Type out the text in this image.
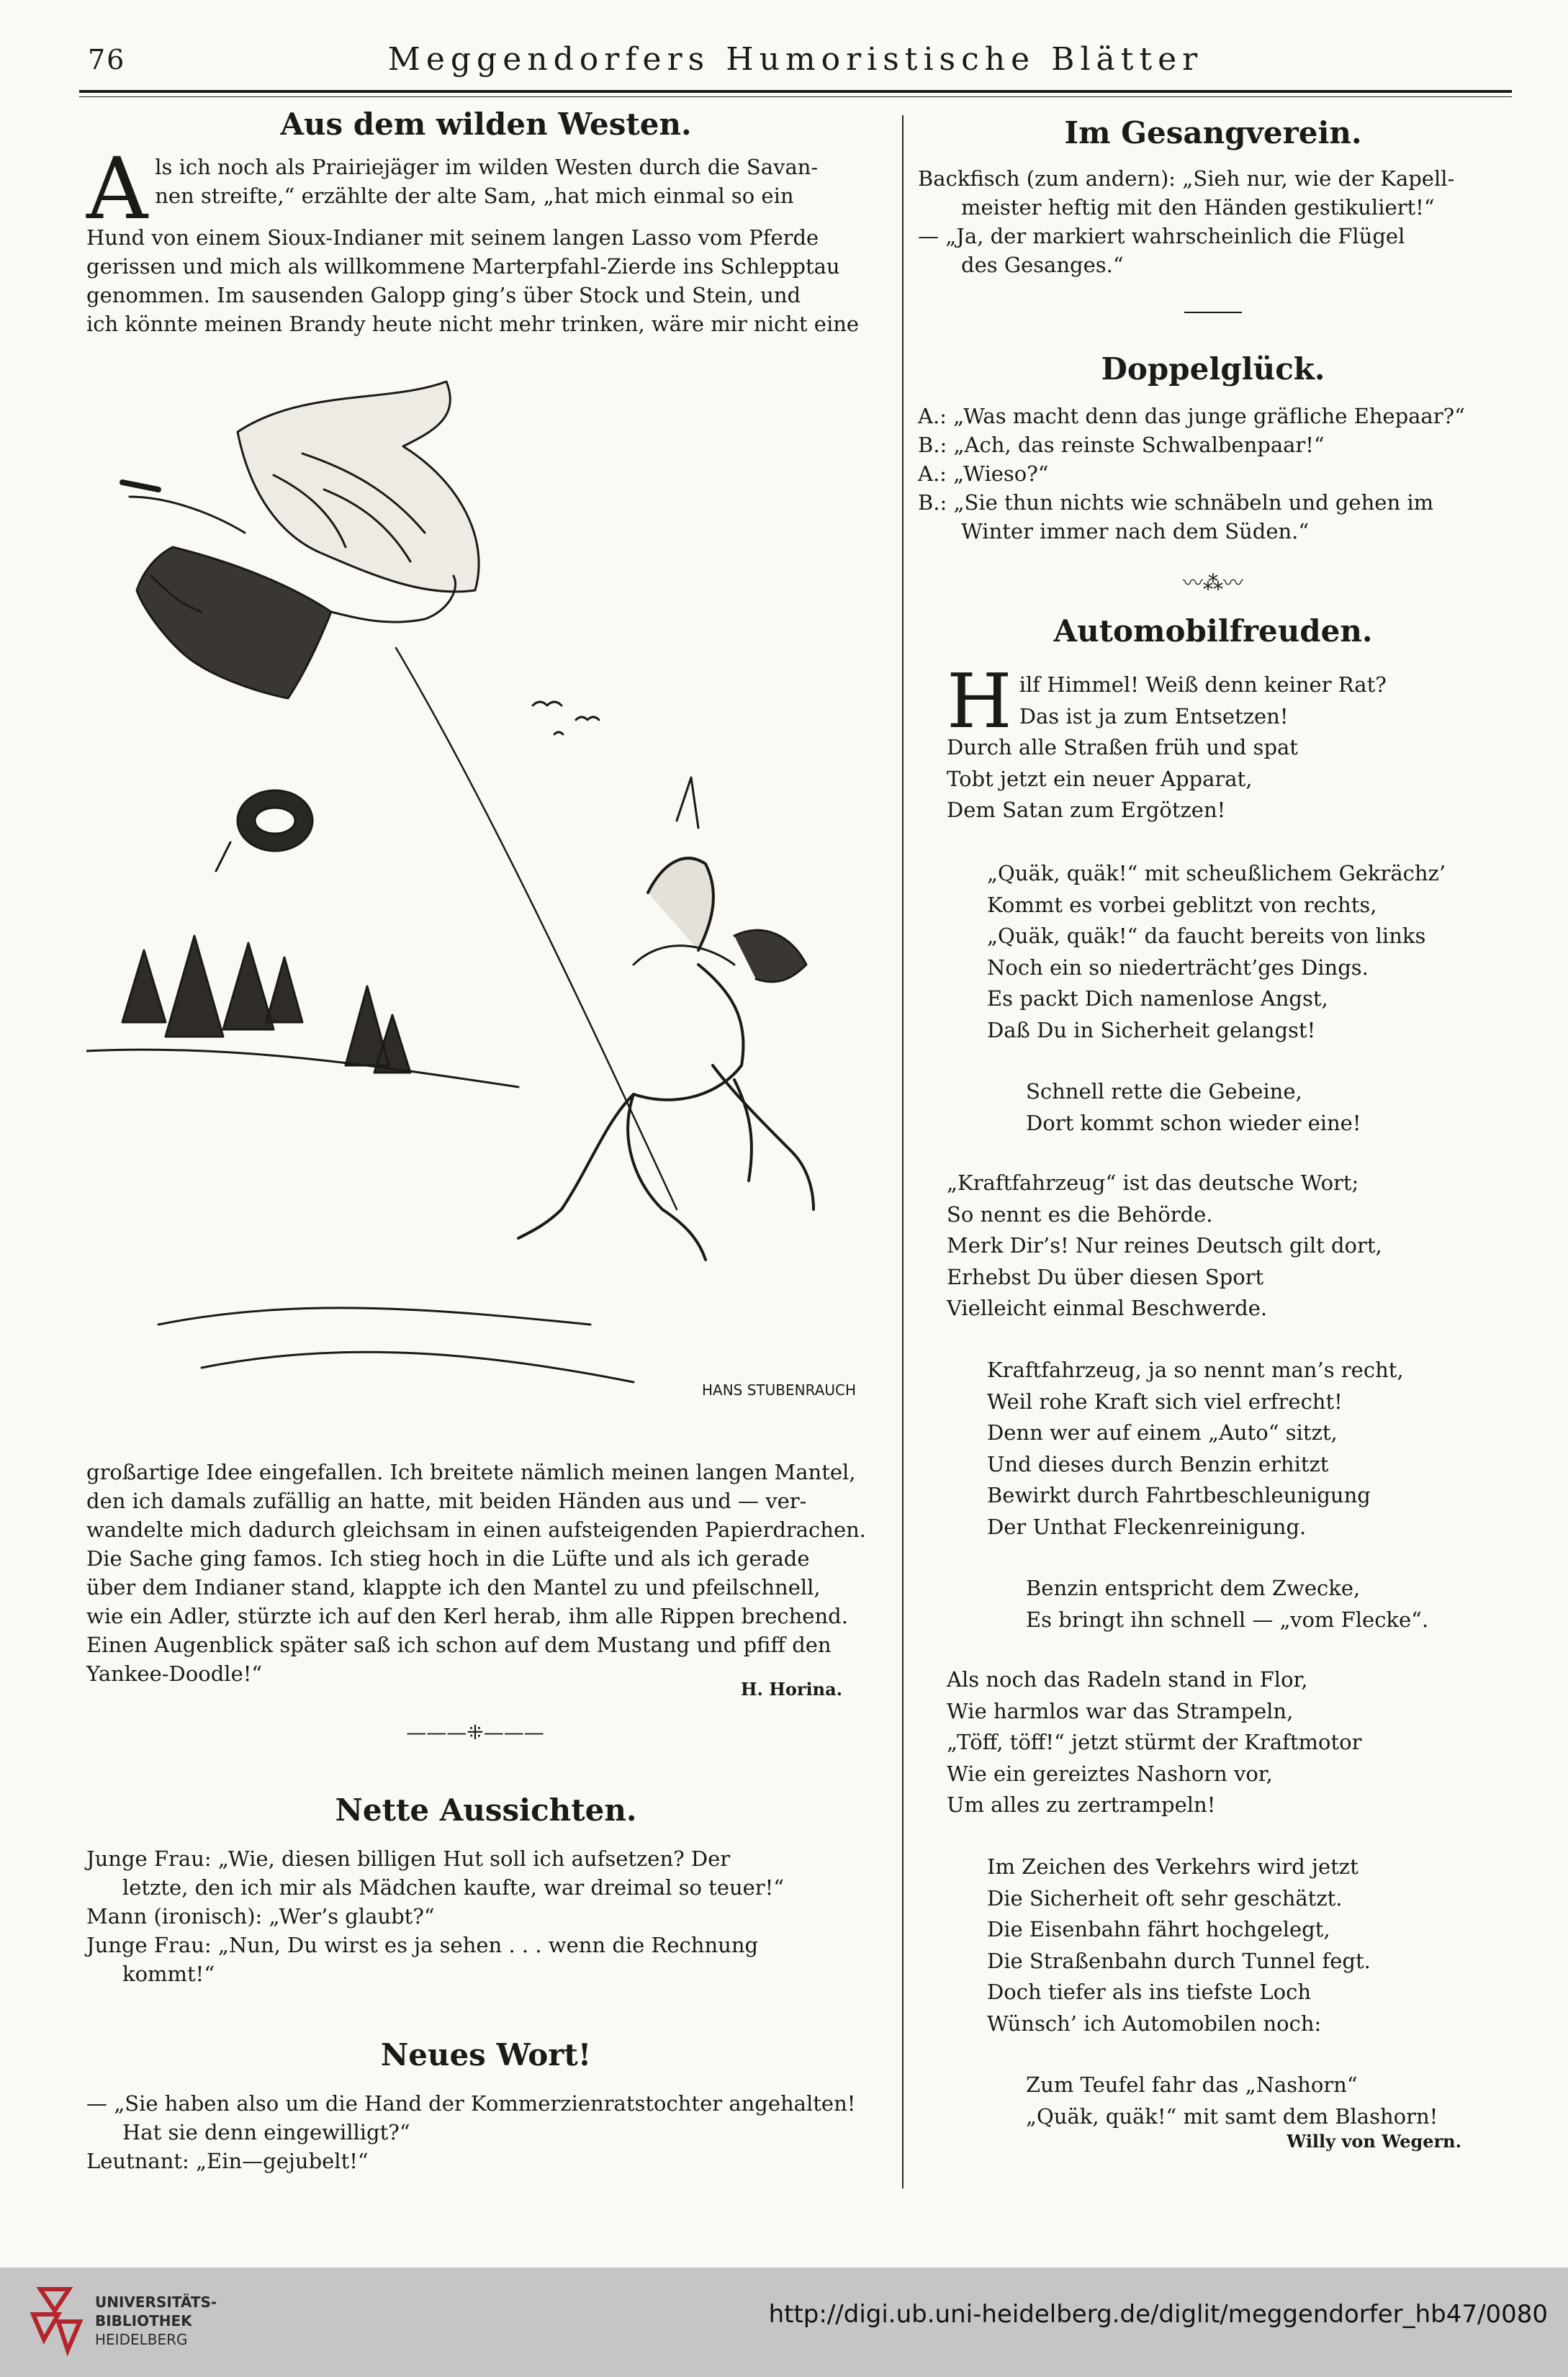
76	Meggendorfers Humoristische Blätter
Aus dem wilden Westen.
A ls ich noch als Prairiejäger im wilden Westen durch die Savan-
nen streifte,“ erzählte der alte Sam, „hat mich einmal so ein
Hund von einem Sioux-Indianer mit seinem langen Lasso vom Pferde
gerissen und mich als willkommene Marterpfahl-Zierde ins Schlepptau
genommen. Im sausenden Galopp ging’s über Stock und Stein, und
ich könnte meinen Brandy heute nicht mehr trinken, wäre mir nicht eine
HANS STUBENRAUCH
großartige Idee eingefallen. Ich breitete nämlich meinen langen Mantel,
den ich damals zufällig an hatte, mit beiden Händen aus und — ver-
wandelte mich dadurch gleichsam in einen aufsteigenden Papierdrachen.
Die Sache ging famos. Ich stieg hoch in die Lüfte und als ich gerade
über dem Indianer stand, klappte ich den Mantel zu und pfeilschnell,
wie ein Adler, stürzte ich auf den Kerl herab, ihm alle Rippen brechend.
Einen Augenblick später saß ich schon auf dem Mustang und pfiff den
Yankee-Doodle!“
H. Horina.
———⁜———
Nette Aussichten.
Junge Frau: „Wie, diesen billigen Hut soll ich aufsetzen? Der
letzte, den ich mir als Mädchen kaufte, war dreimal so teuer!“
Mann (ironisch): „Wer’s glaubt?“
Junge Frau: „Nun, Du wirst es ja sehen . . . wenn die Rechnung
kommt!“
Neues Wort!
— „Sie haben also um die Hand der Kommerzienratstochter angehalten!
Hat sie denn eingewilligt?“
Leutnant: „Ein—gejubelt!“
Im Gesangverein.
Backfisch (zum andern): „Sieh nur, wie der Kapell-
meister heftig mit den Händen gestikuliert!“
— „Ja, der markiert wahrscheinlich die Flügel
des Gesanges.“
Doppelglück.
A.: „Was macht denn das junge gräfliche Ehepaar?“
B.: „Ach, das reinste Schwalbenpaar!“
A.: „Wieso?“
B.: „Sie thun nichts wie schnäbeln und gehen im
Winter immer nach dem Süden.“
〰⁂〰
Automobilfreuden.
H ilf Himmel! Weiß denn keiner Rat?
Das ist ja zum Entsetzen!
Durch alle Straßen früh und spat
Tobt jetzt ein neuer Apparat,
Dem Satan zum Ergötzen!
„Quäk, quäk!“ mit scheußlichem Gekrächz’
Kommt es vorbei geblitzt von rechts,
„Quäk, quäk!“ da faucht bereits von links
Noch ein so niederträcht’ges Dings.
Es packt Dich namenlose Angst,
Daß Du in Sicherheit gelangst!
Schnell rette die Gebeine,
Dort kommt schon wieder eine!
„Kraftfahrzeug“ ist das deutsche Wort;
So nennt es die Behörde.
Merk Dir’s! Nur reines Deutsch gilt dort,
Erhebst Du über diesen Sport
Vielleicht einmal Beschwerde.
Kraftfahrzeug, ja so nennt man’s recht,
Weil rohe Kraft sich viel erfrecht!
Denn wer auf einem „Auto“ sitzt,
Und dieses durch Benzin erhitzt
Bewirkt durch Fahrtbeschleunigung
Der Unthat Fleckenreinigung.
Benzin entspricht dem Zwecke,
Es bringt ihn schnell — „vom Flecke“.
Als noch das Radeln stand in Flor,
Wie harmlos war das Strampeln,
„Töff, töff!“ jetzt stürmt der Kraftmotor
Wie ein gereiztes Nashorn vor,
Um alles zu zertrampeln!
Im Zeichen des Verkehrs wird jetzt
Die Sicherheit oft sehr geschätzt.
Die Eisenbahn fährt hochgelegt,
Die Straßenbahn durch Tunnel fegt.
Doch tiefer als ins tiefste Loch
Wünsch’ ich Automobilen noch:
Zum Teufel fahr das „Nashorn“
„Quäk, quäk!“ mit samt dem Blashorn!
Willy von Wegern.
UNIVERSITÄTS-
BIBLIOTHEK
HEIDELBERG
http://digi.ub.uni-heidelberg.de/diglit/meggendorfer_hb47/0080
